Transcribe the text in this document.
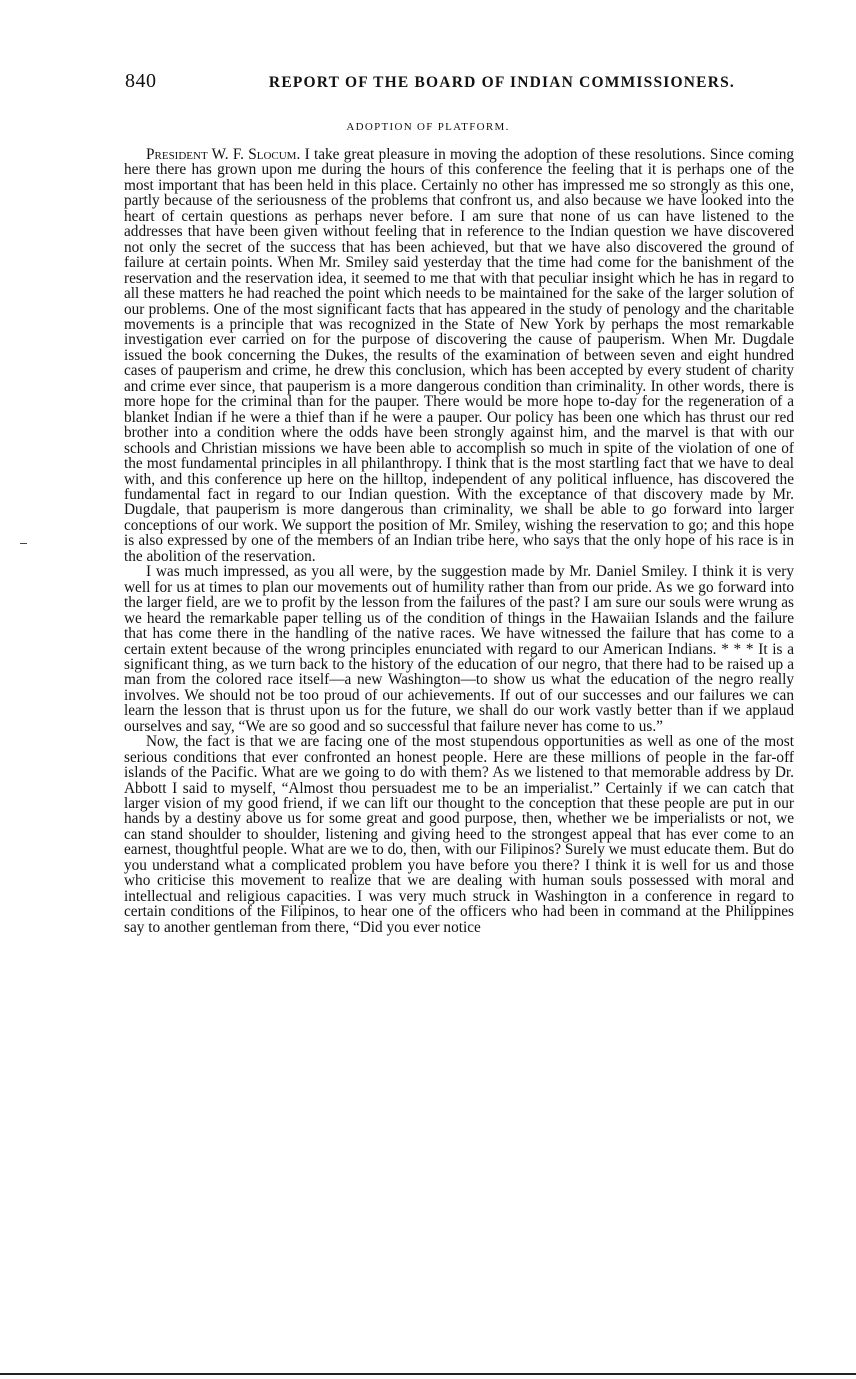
840	REPORT OF THE BOARD OF INDIAN COMMISSIONERS.
ADOPTION OF PLATFORM.

President W. F. Slocum. I take great pleasure in moving the adoption of these resolutions. Since coming here there has grown upon me during the hours of this conference the feeling that it is perhaps one of the most important that has been held in this place. Certainly no other has impressed me so strongly as this one, partly because of the seriousness of the problems that confront us, and also because we have looked into the heart of certain questions as perhaps never before. I am sure that none of us can have listened to the addresses that have been given without feeling that in reference to the Indian question we have discovered not only the secret of the success that has been achieved, but that we have also discovered the ground of failure at certain points. When Mr. Smiley said yesterday that the time had come for the banishment of the reservation and the reservation idea, it seemed to me that with that peculiar insight which he has in regard to all these matters he had reached the point which needs to be maintained for the sake of the larger solution of our problems. One of the most significant facts that has appeared in the study of penology and the charitable movements is a principle that was recognized in the State of New York by perhaps the most remarkable investigation ever carried on for the purpose of discovering the cause of pauperism. When Mr. Dugdale issued the book concerning the Dukes, the results of the examination of between seven and eight hundred cases of pauperism and crime, he drew this conclusion, which has been accepted by every student of charity and crime ever since, that pauperism is a more dangerous condition than criminality. In other words, there is more hope for the criminal than for the pauper. There would be more hope to-day for the regeneration of a blanket Indian if he were a thief than if he were a pauper. Our policy has been one which has thrust our red brother into a condition where the odds have been strongly against him, and the marvel is that with our schools and Christian missions we have been able to accomplish so much in spite of the violation of one of the most fundamental principles in all philanthropy. I think that is the most startling fact that we have to deal with, and this conference up here on the hilltop, independent of any political influence, has discovered the fundamental fact in regard to our Indian question. With the exceptance of that discovery made by Mr. Dugdale, that pauperism is more dangerous than criminality, we shall be able to go forward into larger conceptions of our work. We support the position of Mr. Smiley, wishing the reservation to go; and this hope is also expressed by one of the members of an Indian tribe here, who says that the only hope of his race is in the abolition of the reservation.

I was much impressed, as you all were, by the suggestion made by Mr. Daniel Smiley. I think it is very well for us at times to plan our movements out of humility rather than from our pride. As we go forward into the larger field, are we to profit by the lesson from the failures of the past? I am sure our souls were wrung as we heard the remarkable paper telling us of the condition of things in the Hawaiian Islands and the failure that has come there in the handling of the native races. We have witnessed the failure that has come to a certain extent because of the wrong principles enunciated with regard to our American Indians. * * * It is a significant thing, as we turn back to the history of the education of our negro, that there had to be raised up a man from the colored race itself—a new Washington—to show us what the education of the negro really involves. We should not be too proud of our achievements. If out of our successes and our failures we can learn the lesson that is thrust upon us for the future, we shall do our work vastly better than if we applaud ourselves and say, “We are so good and so successful that failure never has come to us.”

Now, the fact is that we are facing one of the most stupendous opportunities as well as one of the most serious conditions that ever confronted an honest people. Here are these millions of people in the far-off islands of the Pacific. What are we going to do with them? As we listened to that memorable address by Dr. Abbott I said to myself, “Almost thou persuadest me to be an imperialist.” Certainly if we can catch that larger vision of my good friend, if we can lift our thought to the conception that these people are put in our hands by a destiny above us for some great and good purpose, then, whether we be imperialists or not, we can stand shoulder to shoulder, listening and giving heed to the strongest appeal that has ever come to an earnest, thoughtful people. What are we to do, then, with our Filipinos? Surely we must educate them. But do you understand what a complicated problem you have before you there? I think it is well for us and those who criticise this movement to realize that we are dealing with human souls possessed with moral and intellectual and religious capacities. I was very much struck in Washington in a conference in regard to certain conditions of the Filipinos, to hear one of the officers who had been in command at the Philippines say to another gentleman from there, “Did you ever notice
